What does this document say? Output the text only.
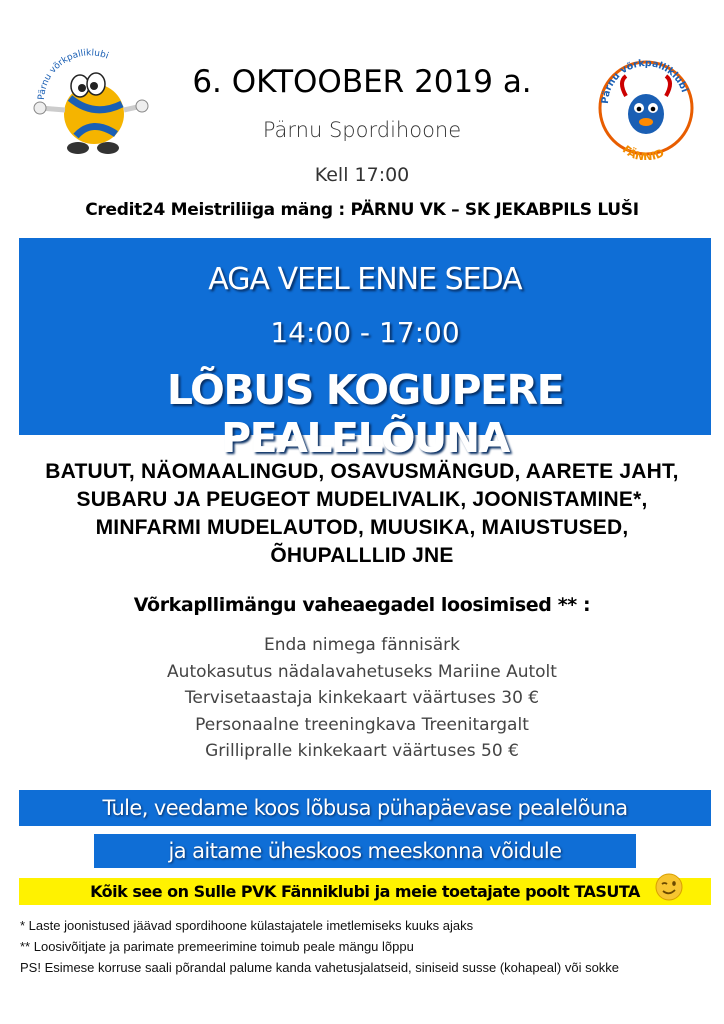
Pärnu võrkpalliklubi
Pärnu võrkpalliklubi
FÄNNID
6. OKTOOBER 2019 a.
Pärnu Spordihoone
Kell 17:00
Credit24 Meistriliiga mäng : PÄRNU VK – SK JEKABPILS LUŠI
AGA VEEL ENNE SEDA
14:00 - 17:00
LÕBUS KOGUPERE PEALELÕUNA
BATUUT, NÄOMAALINGUD, OSAVUSMÄNGUD, AARETE JAHT, SUBARU JA PEUGEOT MUDELIVALIK, JOONISTAMINE*, MINFARMI MUDELAUTOD, MUUSIKA, MAIUSTUSED, ÕHUPALLLID JNE
Võrkapllimängu vaheaegadel loosimised ** :
Enda nimega fännisärk
Autokasutus nädalavahetuseks Mariine Autolt
Tervisetaastaja kinkekaart väärtuses 30 €
Personaalne treeningkava Treenitargalt
Grillipralle kinkekaart väärtuses 50 €
Tule, veedame koos lõbusa pühapäevase pealelõuna
ja aitame üheskoos meeskonna võidule
Kõik see on Sulle PVK Fänniklubi ja meie toetajate poolt TASUTA
* Laste joonistused jäävad spordihoone külastajatele imetlemiseks kuuks ajaks
** Loosivõitjate ja parimate premeerimine toimub peale mängu lõppu
PS! Esimese korruse saali põrandal palume kanda vahetusjalatseid, siniseid susse (kohapeal) või sokke
